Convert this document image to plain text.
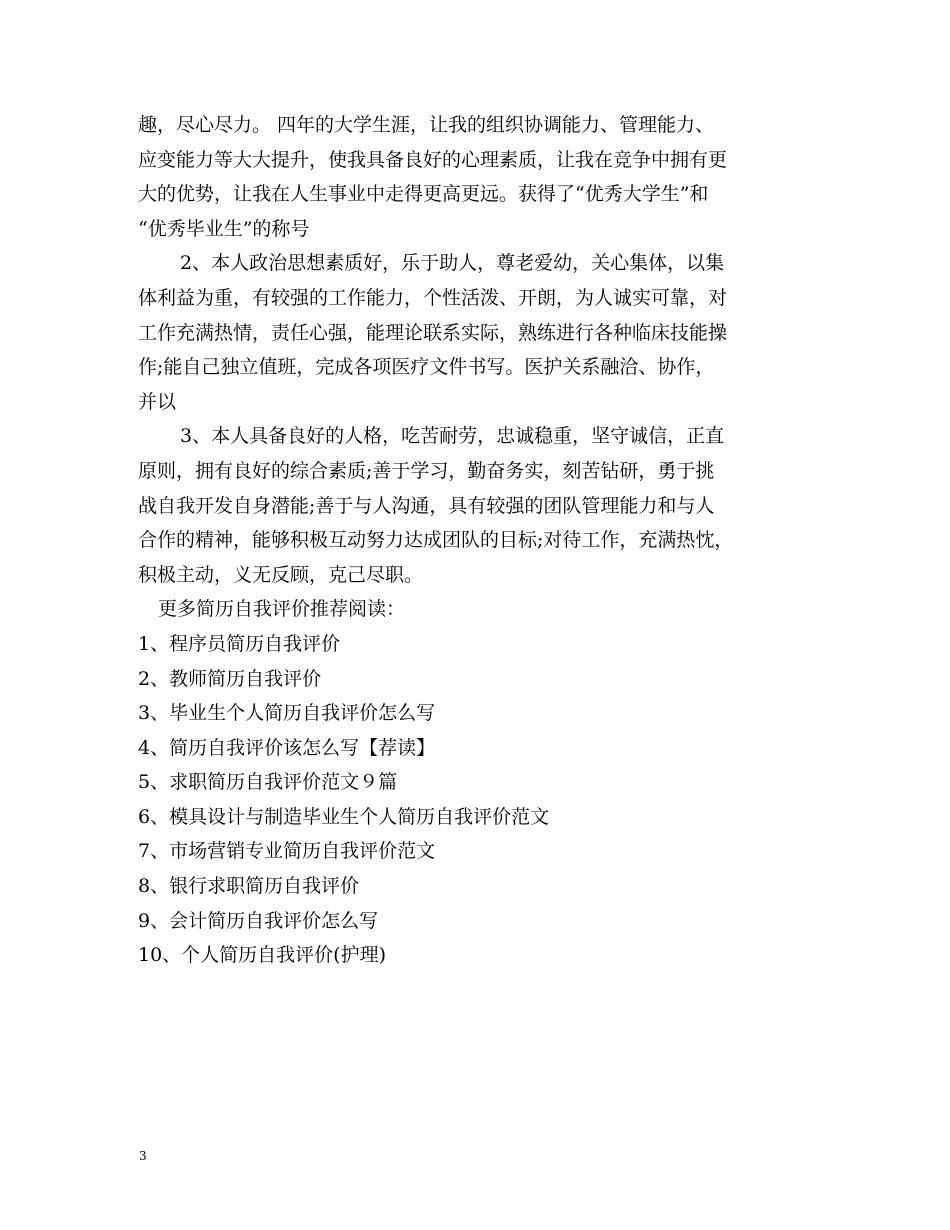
趣，尽心尽力。 四年的大学生涯，让我的组织协调能力、管理能力、
应变能力等大大提升，使我具备良好的心理素质，让我在竞争中拥有更
大的优势，让我在人生事业中走得更高更远。获得了“优秀大学生”和
“优秀毕业生”的称号
2、本人政治思想素质好，乐于助人，尊老爱幼，关心集体，以集
体利益为重，有较强的工作能力，个性活泼、开朗，为人诚实可靠，对
工作充满热情，责任心强，能理论联系实际，熟练进行各种临床技能操
作;能自己独立值班，完成各项医疗文件书写。医护关系融洽、协作，
并以
3、本人具备良好的人格，吃苦耐劳，忠诚稳重，坚守诚信，正直
原则，拥有良好的综合素质;善于学习，勤奋务实，刻苦钻研，勇于挑
战自我开发自身潜能;善于与人沟通，具有较强的团队管理能力和与人
合作的精神，能够积极互动努力达成团队的目标;对待工作，充满热忱，
积极主动，义无反顾，克己尽职。
更多简历自我评价推荐阅读：
1、程序员简历自我评价
2、教师简历自我评价
3、毕业生个人简历自我评价怎么写
4、简历自我评价该怎么写【荐读】
5、求职简历自我评价范文９篇
6、模具设计与制造毕业生个人简历自我评价范文
7、市场营销专业简历自我评价范文
8、银行求职简历自我评价
9、会计简历自我评价怎么写
10、个人简历自我评价(护理)
3
